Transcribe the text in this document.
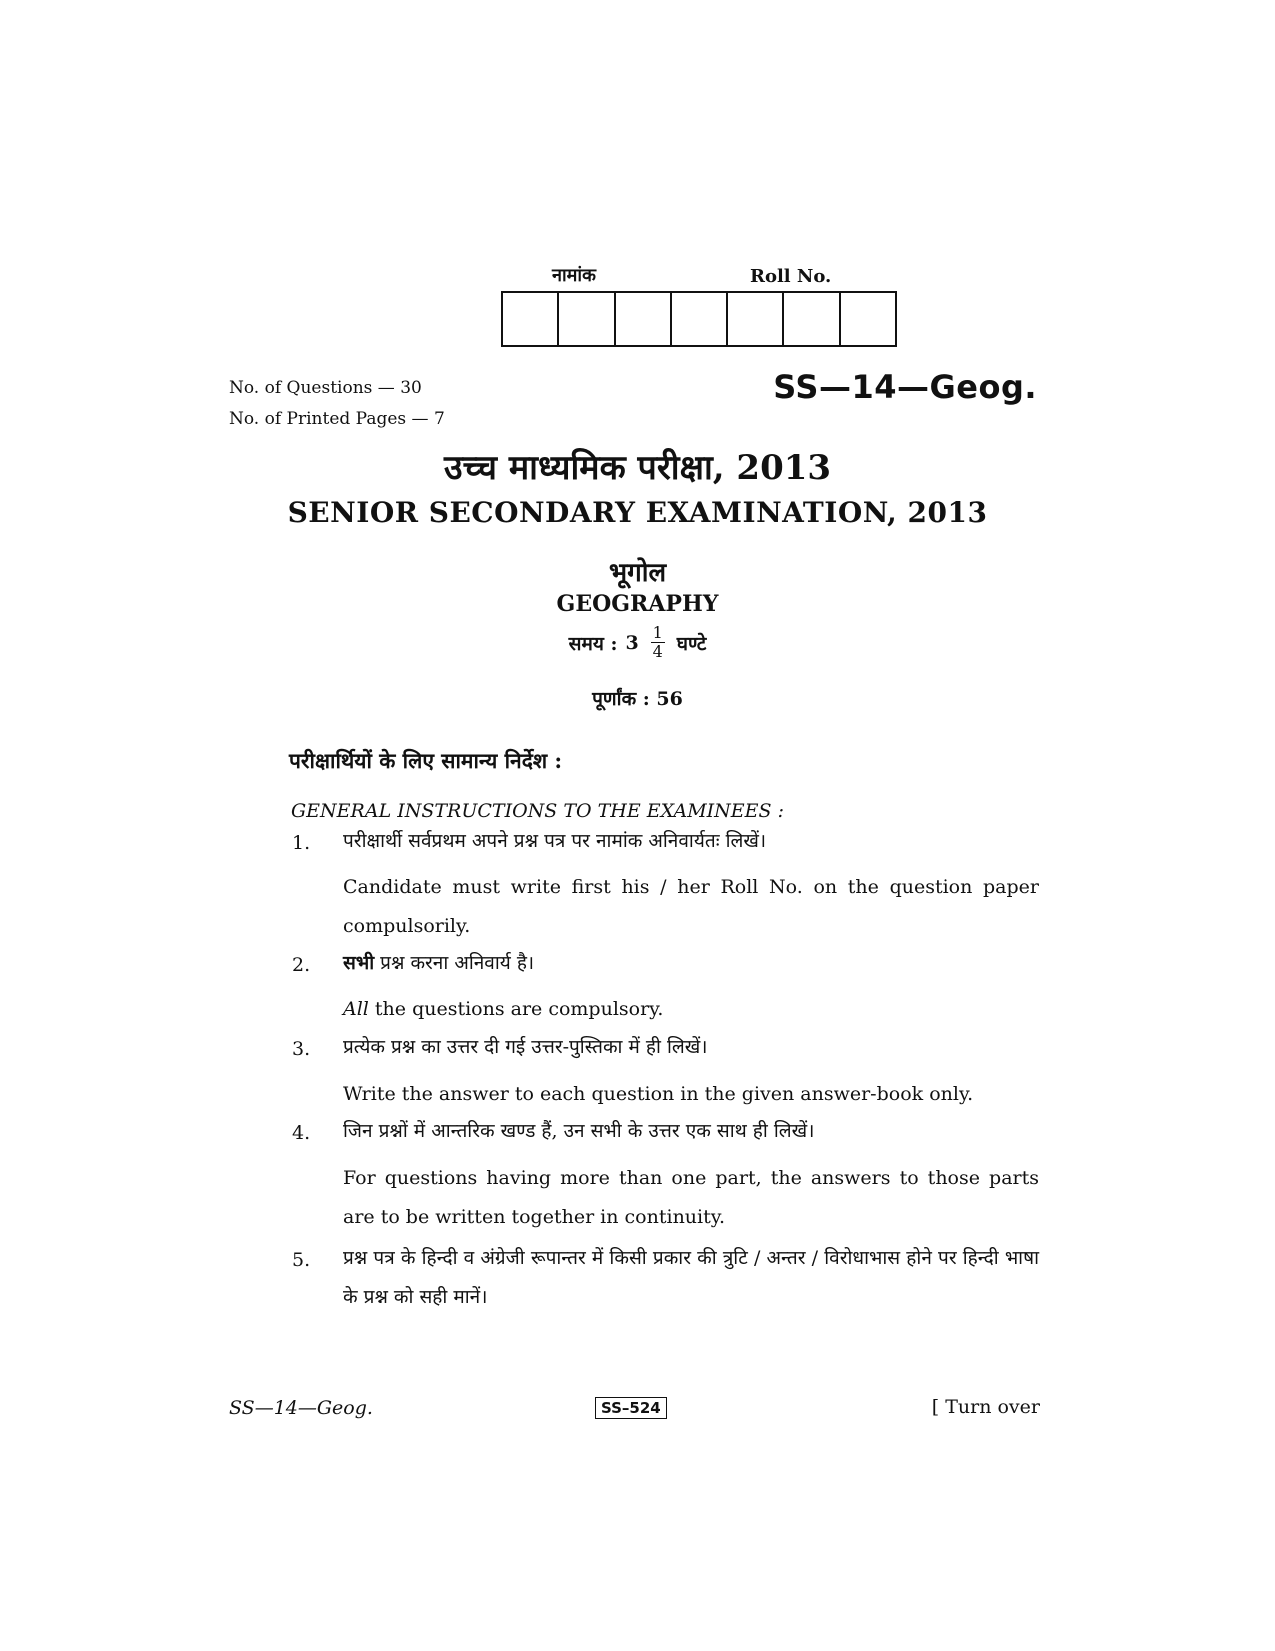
नामांक	Roll No.
No. of Questions — 30
No. of Printed Pages — 7
SS—14—Geog.
उच्च माध्यमिक परीक्षा, 2013
SENIOR SECONDARY EXAMINATION, 2013
भूगोल
GEOGRAPHY
समय : $3 \frac{1}{4}$ घण्टे
पूर्णांक : 56
परीक्षार्थियों के लिए सामान्य निर्देश :
GENERAL INSTRUCTIONS TO THE EXAMINEES :
1.	परीक्षार्थी सर्वप्रथम अपने प्रश्न पत्र पर नामांक अनिवार्यतः लिखें।
Candidate must write first his / her Roll No. on the question paper compulsorily.
2.	सभी प्रश्न करना अनिवार्य है।
All the questions are compulsory.
3.	प्रत्येक प्रश्न का उत्तर दी गई उत्तर-पुस्तिका में ही लिखें।
Write the answer to each question in the given answer-book only.
4.	जिन प्रश्नों में आन्तरिक खण्ड हैं, उन सभी के उत्तर एक साथ ही लिखें।
For questions having more than one part, the answers to those parts are to be written together in continuity.
5.	प्रश्न पत्र के हिन्दी व अंग्रेजी रूपान्तर में किसी प्रकार की त्रुटि / अन्तर / विरोधाभास होने पर हिन्दी भाषा के प्रश्न को सही मानें।
SS—14—Geog.	SS–524	[ Turn over
